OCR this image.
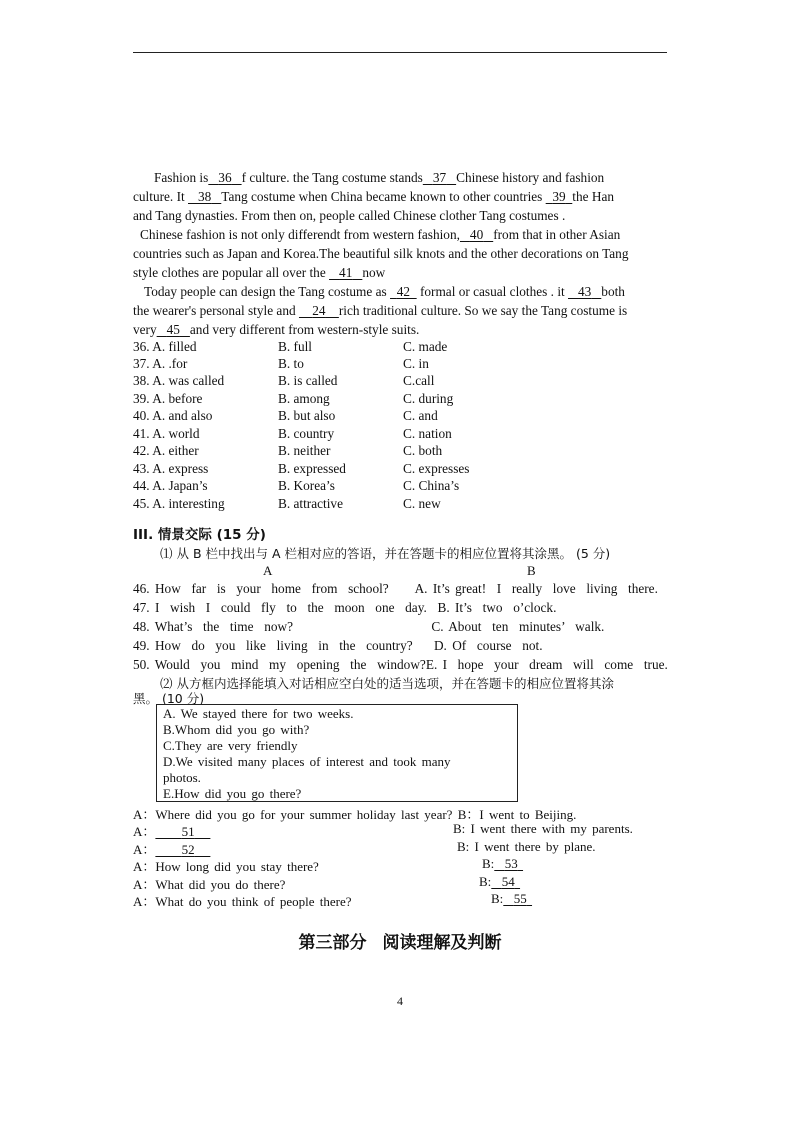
Fashion is 36 f culture. the Tang costume stands 37 Chinese history and fashion
culture. It    38 Tang costume when China became known to other countries   39 the Han
and Tang dynasties. From then on, people called Chinese clother Tang costumes .
Chinese fashion is not only differendt from western fashion, 40 from that in other Asian
countries such as Japan and Korea.The beautiful silk knots and the other decorations on Tang
style clothes are popular all over the    41 now
Today people can design the Tang costume as   42   formal or casual clothes . it    43 both
the wearer's personal style and     24 rich traditional culture. So we say the Tang costume is
very 45 and very different from western-style suits.
36. A. filled	B. full	C. made
37. A. .for	B. to	C. in
38. A. was called	B. is called	C.call
39. A. before	B. among	C. during
40. A. and also	B. but also	C. and
41. A. world	B. country	C. nation
42. A. either	B. neither	C. both
43. A. express	B. expressed	C. expresses
44. A. Japan’s	B. Korea’s	C. China’s
45. A. interesting	B. attractive	C. new
III. 情景交际 (15 分)
⑴ 从 B 栏中找出与 A 栏相对应的答语，并在答题卡的相应位置将其涂黑。 (5 分)
A	B
46. How  far  is  your  home  from  school?     A. It’s great!  I  really  love  living  there.
47. I  wish  I  could  fly  to  the  moon  one  day.  B. It’s  two  o’clock.
48. What’s  the  time  now?                          C. About  ten  minutes’  walk.
49. How  do  you  like  living  in  the  country?    D. Of  course  not.
50. Would  you  mind  my  opening  the  window?E. I  hope  your  dream  will  come  true.
⑵ 从方框内选择能填入对话相应空白处的适当选项，并在答题卡的相应位置将其涂
黑。 (10 分)
A. We stayed there for two weeks.
B.Whom did you go with?
C.They are very friendly
D.We visited many places of interest and took many
photos.
E.How did you go there?
A：Where did you go for your summer holiday last year? B：I went to Beijing.
A： 51	B: I went there with my parents.
A： 52	B: I went there by plane.
A：How long did you stay there?	B: 53
A：What did you do there?	B: 54
A：What do you think of people there?	B: 55
第三部分 阅读理解及判断
4
